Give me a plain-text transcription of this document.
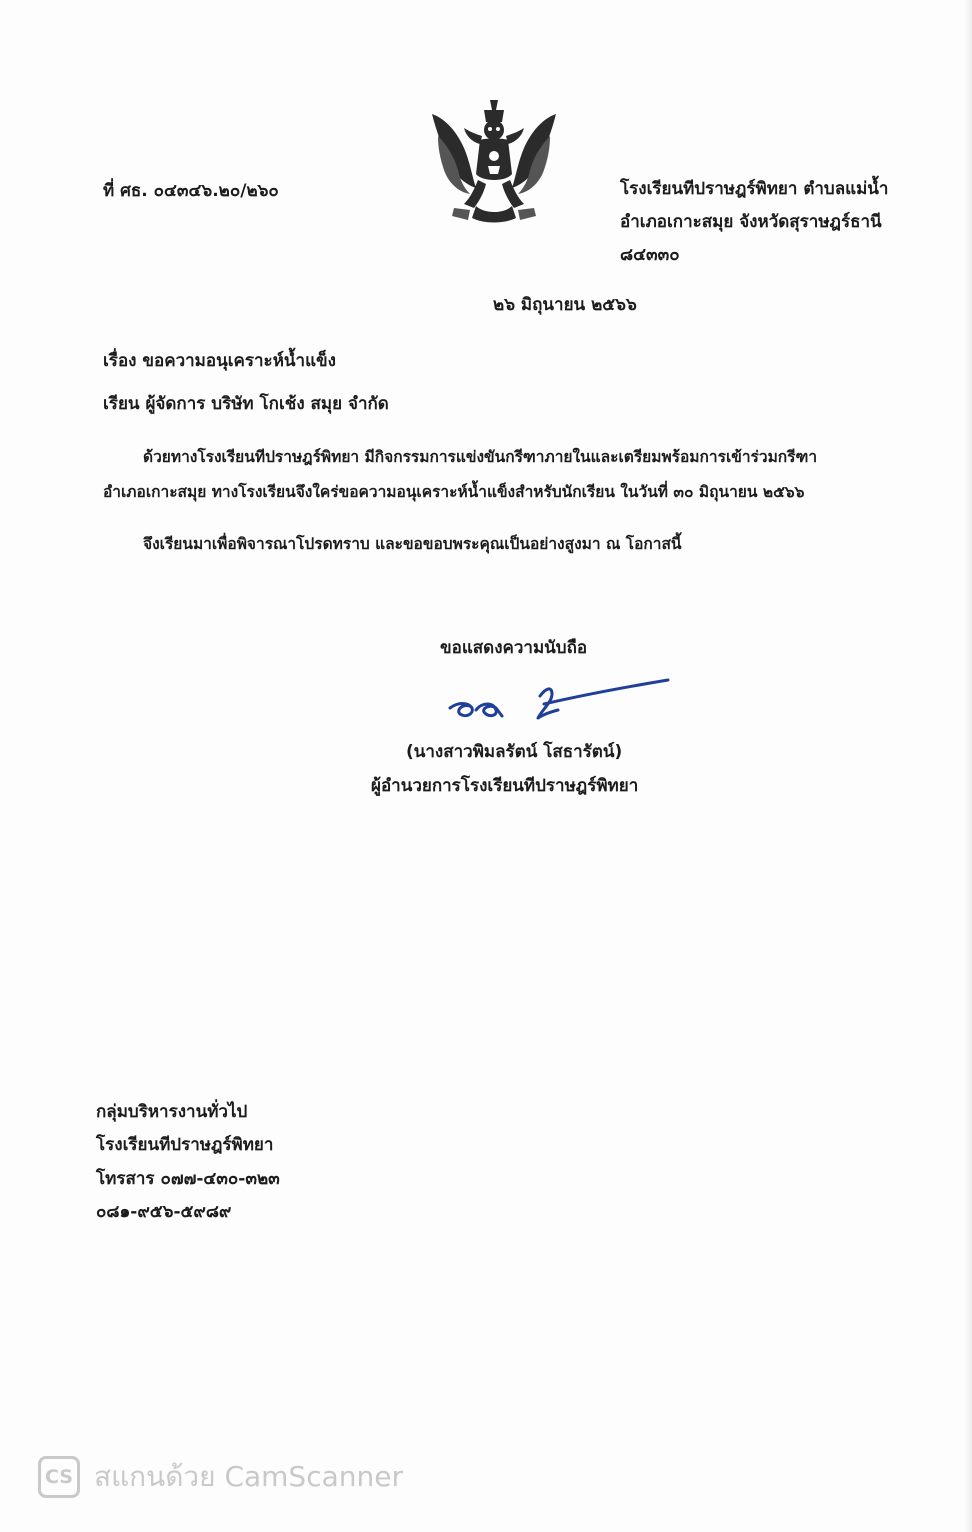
ที่ ศธ. ๐๔๓๔๖.๒๐/๒๖๐	โรงเรียนทีปราษฎร์พิทยา ตำบลแม่น้ำ
อำเภอเกาะสมุย จังหวัดสุราษฎร์ธานี
๘๔๓๓๐
๒๖ มิถุนายน ๒๕๖๖
เรื่อง ขอความอนุเคราะห์น้ำแข็ง
เรียน ผู้จัดการ บริษัท โกเช้ง สมุย จำกัด
ด้วยทางโรงเรียนทีปราษฎร์พิทยา มีกิจกรรมการแข่งขันกรีฑาภายในและเตรียมพร้อมการเข้าร่วมกรีฑา
อำเภอเกาะสมุย ทางโรงเรียนจึงใคร่ขอความอนุเคราะห์น้ำแข็งสำหรับนักเรียน ในวันที่ ๓๐ มิถุนายน ๒๕๖๖
จึงเรียนมาเพื่อพิจารณาโปรดทราบ และขอขอบพระคุณเป็นอย่างสูงมา ณ โอกาสนี้
ขอแสดงความนับถือ
(นางสาวพิมลรัตน์ โสธารัตน์)
ผู้อำนวยการโรงเรียนทีปราษฎร์พิทยา
กลุ่มบริหารงานทั่วไป
โรงเรียนทีปราษฎร์พิทยา
โทรสาร ๐๗๗-๔๓๐-๓๒๓
๐๘๑-๙๕๖-๕๙๘๙
CS สแกนด้วย CamScanner
